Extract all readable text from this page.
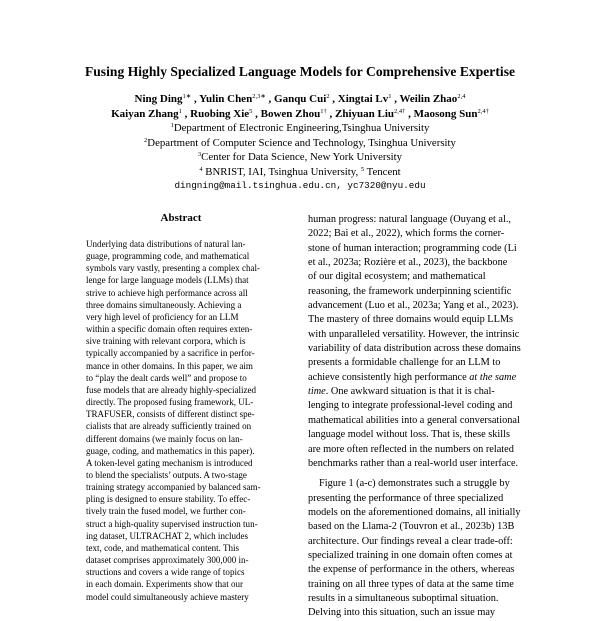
Fusing Highly Specialized Language Models for Comprehensive Expertise
Ning Ding$^{1∗}$ , Yulin Chen$^{2,3∗}$ , Ganqu Cui$^2$ , Xingtai Lv$^1$ , Weilin Zhao$^{2,4}$
Kaiyan Zhang$^1$ , Ruobing Xie$^5$ , Bowen Zhou$^{1\dagger}$ , Zhiyuan Liu$^{2,4\dagger}$ , Maosong Sun$^{2,4\dagger}$
$^1$Department of Electronic Engineering,Tsinghua University
$^2$Department of Computer Science and Technology, Tsinghua University
$^3$Center for Data Science, New York University
$^4$ BNRIST, IAI, Tsinghua University, $^5$ Tencent
dingning@mail.tsinghua.edu.cn, yc7320@nyu.edu
Abstract
Underlying data distributions of natural lan-
guage, programming code, and mathematical
symbols vary vastly, presenting a complex chal-
lenge for large language models (LLMs) that
strive to achieve high performance across all
three domains simultaneously. Achieving a
very high level of proficiency for an LLM
within a specific domain often requires exten-
sive training with relevant corpora, which is
typically accompanied by a sacrifice in perfor-
mance in other domains. In this paper, we aim
to “play the dealt cards well” and propose to
fuse models that are already highly-specialized
directly. The proposed fusing framework, UL-
TRAFUSER, consists of different distinct spe-
cialists that are already sufficiently trained on
different domains (we mainly focus on lan-
guage, coding, and mathematics in this paper).
A token-level gating mechanism is introduced
to blend the specialists’ outputs. A two-stage
training strategy accompanied by balanced sam-
pling is designed to ensure stability. To effec-
tively train the fused model, we further con-
struct a high-quality supervised instruction tun-
ing dataset, ULTRACHAT 2, which includes
text, code, and mathematical content. This
dataset comprises approximately 300,000 in-
structions and covers a wide range of topics
in each domain. Experiments show that our
model could simultaneously achieve mastery
human progress: natural language (Ouyang et al.,
2022; Bai et al., 2022), which forms the corner-
stone of human interaction; programming code (Li
et al., 2023a; Rozière et al., 2023), the backbone
of our digital ecosystem; and mathematical
reasoning, the framework underpinning scientific
advancement (Luo et al., 2023a; Yang et al., 2023).
The mastery of three domains would equip LLMs
with unparalleled versatility. However, the intrinsic
variability of data distribution across these domains
presents a formidable challenge for an LLM to
achieve consistently high performance at the same
time. One awkward situation is that it is chal-
lenging to integrate professional-level coding and
mathematical abilities into a general conversational
language model without loss. That is, these skills
are more often reflected in the numbers on related
benchmarks rather than a real-world user interface.
Figure 1 (a-c) demonstrates such a struggle by
presenting the performance of three specialized
models on the aforementioned domains, all initially
based on the Llama-2 (Touvron et al., 2023b) 13B
architecture. Our findings reveal a clear trade-off:
specialized training in one domain often comes at
the expense of performance in the others, whereas
training on all three types of data at the same time
results in a simultaneous suboptimal situation.
Delving into this situation, such an issue may
